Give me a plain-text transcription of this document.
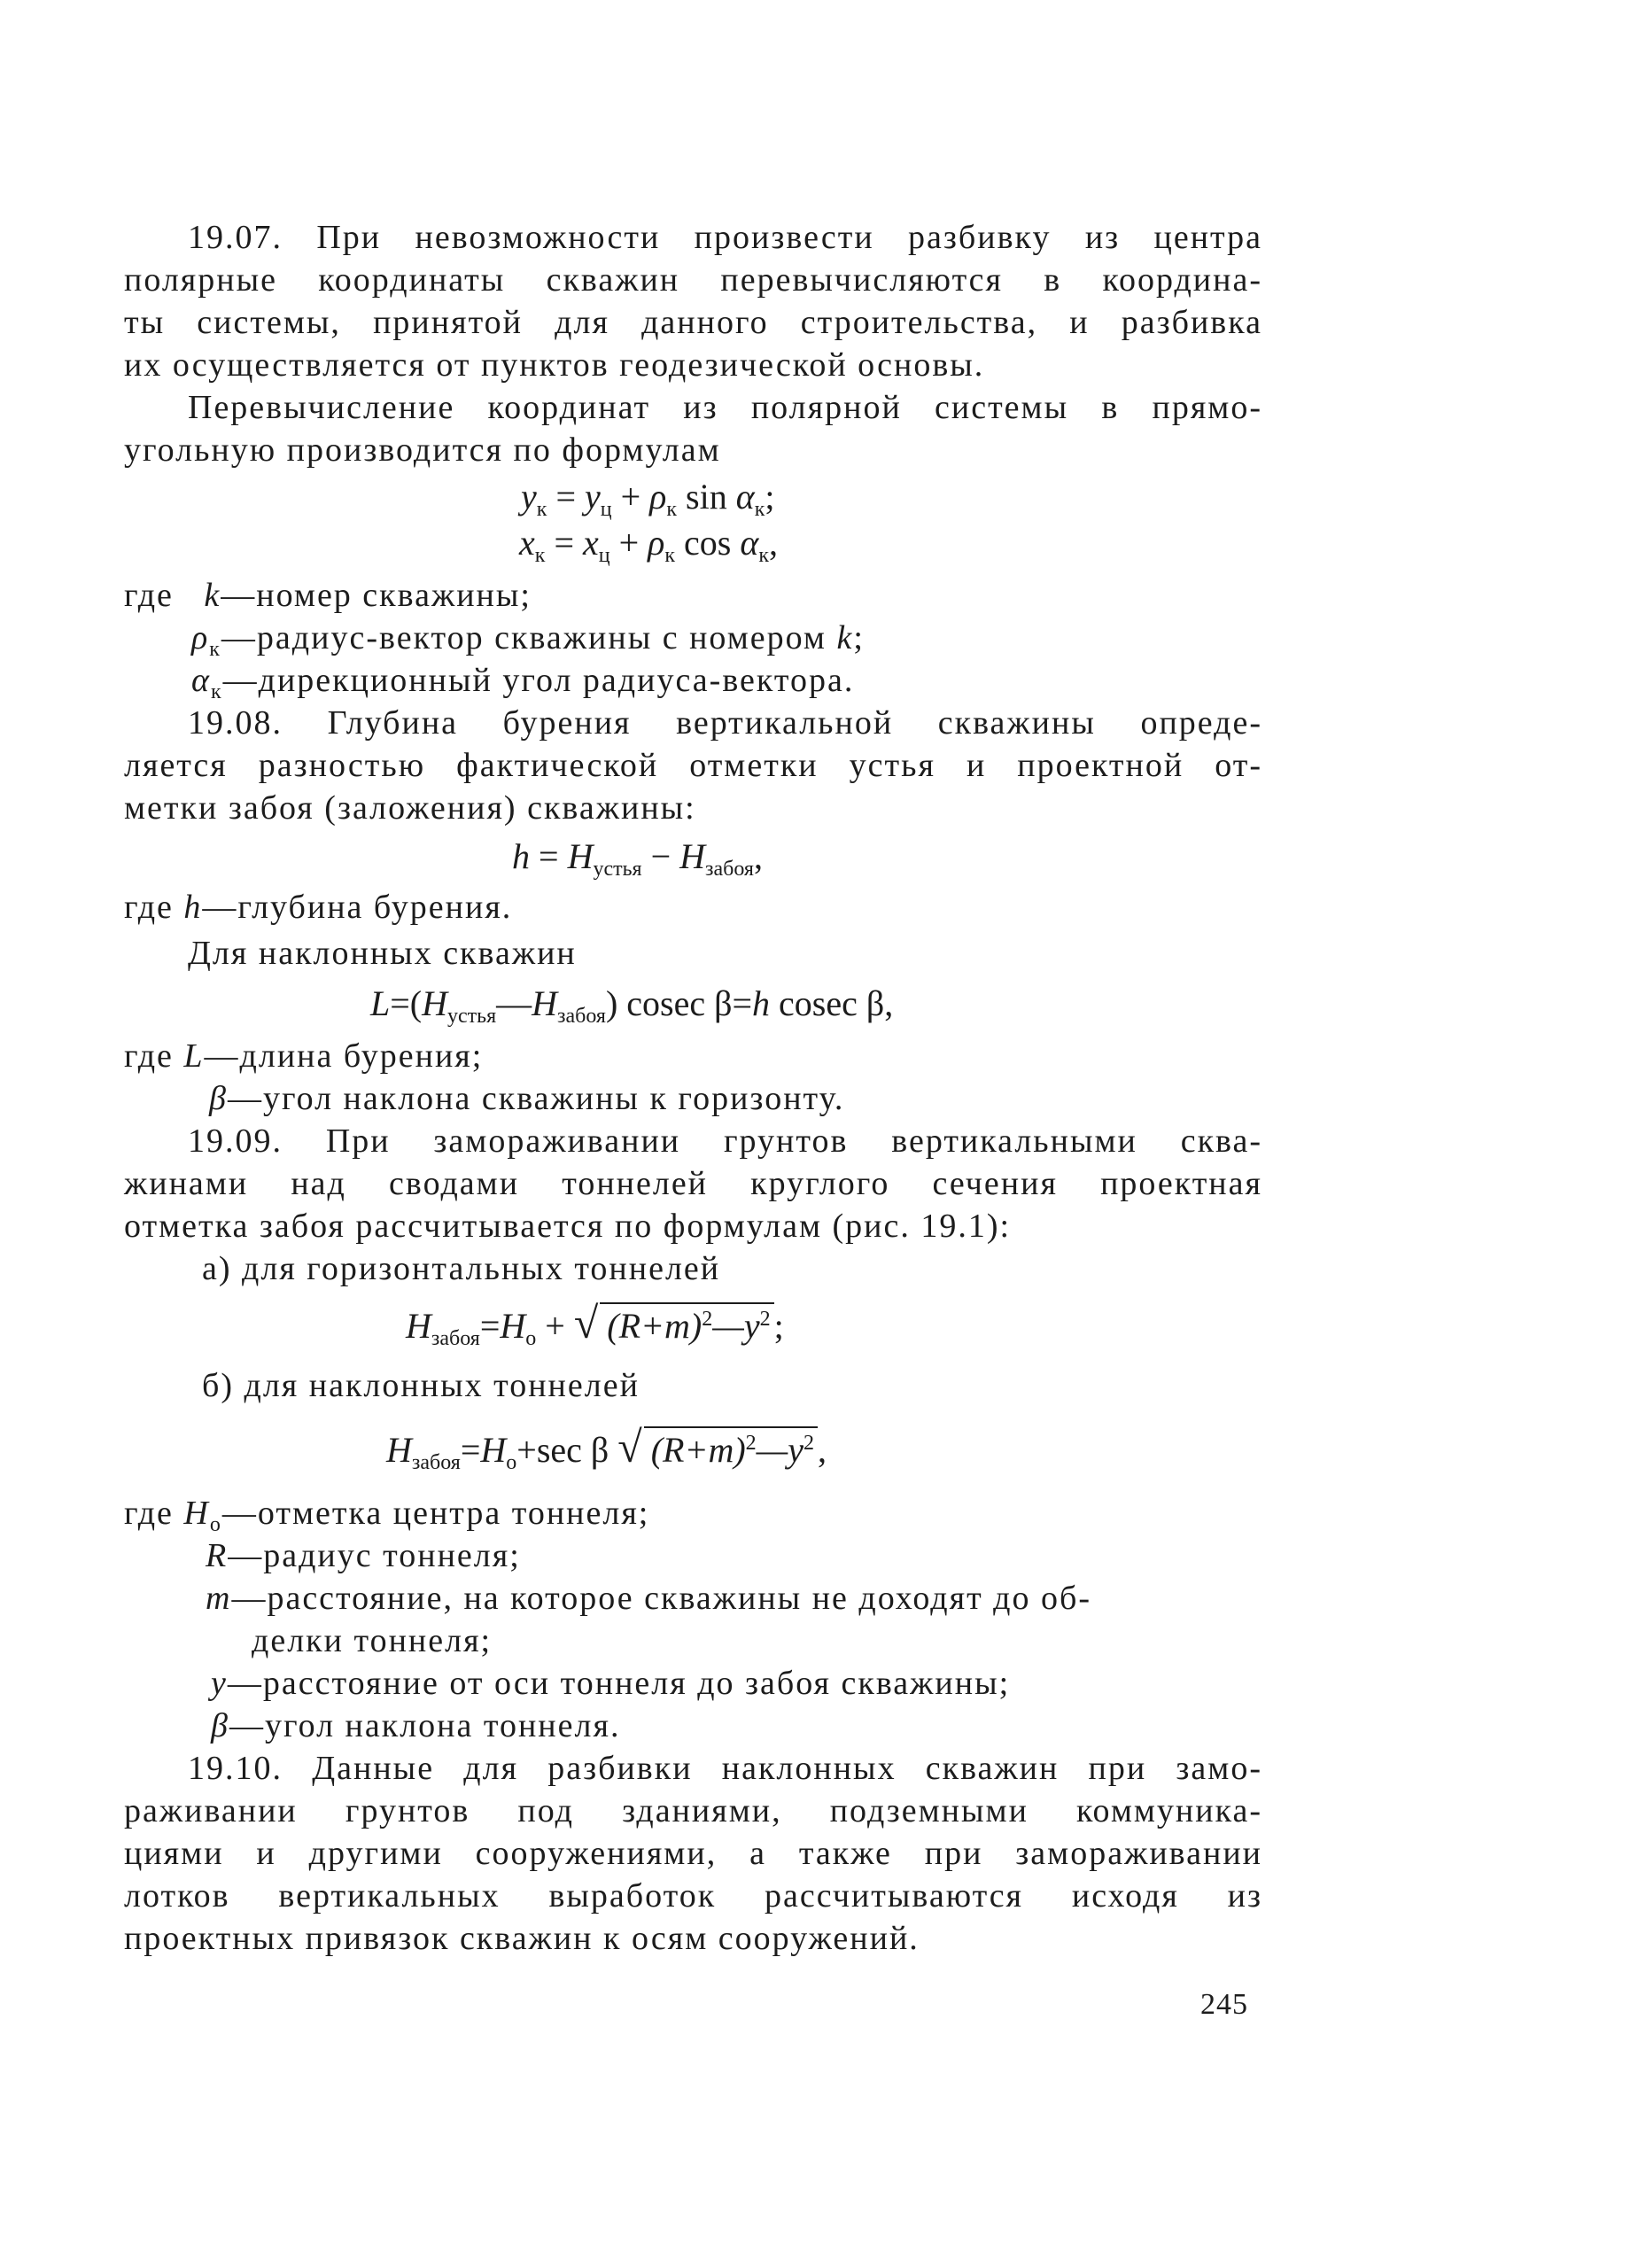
19.07. При невозможности произвести разбивку из центра
полярные координаты скважин перевычисляются в координа-
ты системы, принятой для данного строительства, и разбивка
их осуществляется от пунктов геодезической основы.
Перевычисление координат из полярной системы в прямо-
угольную производится по формулам
$y_к = y_ц + \rho_к$ $\sin \alpha_к$;
$x_к = x_ц + \rho_к$ $\cos \alpha_к$,
где k—номер скважины;
$\rho_к—радиус$-вектор скважины с номером k;
$\alpha_к—дирекционный$ угол радиуса-вектора.
19.08. Глубина бурения вертикальной скважины опреде-
ляется разностью фактической отметки устья и проектной от-
метки забоя (заложения) скважины:
$h = H_{устья} - H_{забоя}$,
где h—глубина бурения.
Для наклонных скважин
$L=(H_{устья}—H_{забоя})$ cosec β=h cosec β,
где L—длина бурения;
β—угол наклона скважины к горизонту.
19.09. При замораживании грунтов вертикальными сква-
жинами над сводами тоннелей круглого сечения проектная
отметка забоя рассчитывается по формулам (рис. 19.1):
а) для горизонтальных тоннелей
$H_{забоя}=H_о$ + √ $(R+m)^2—y^2$ ;
б) для наклонных тоннелей
$H_{забоя}=H_о+\sec$ β √ $(R+m)^2—y^2$ ,
где $H_о—отметка$ центра тоннеля;
R—радиус тоннеля;
m—расстояние, на которое скважины не доходят до об-
делки тоннеля;
y—расстояние от оси тоннеля до забоя скважины;
β—угол наклона тоннеля.
19.10. Данные для разбивки наклонных скважин при замо-
раживании грунтов под зданиями, подземными коммуника-
циями и другими сооружениями, а также при замораживании
лотков вертикальных выработок рассчитываются исходя из
проектных привязок скважин к осям сооружений.
245
